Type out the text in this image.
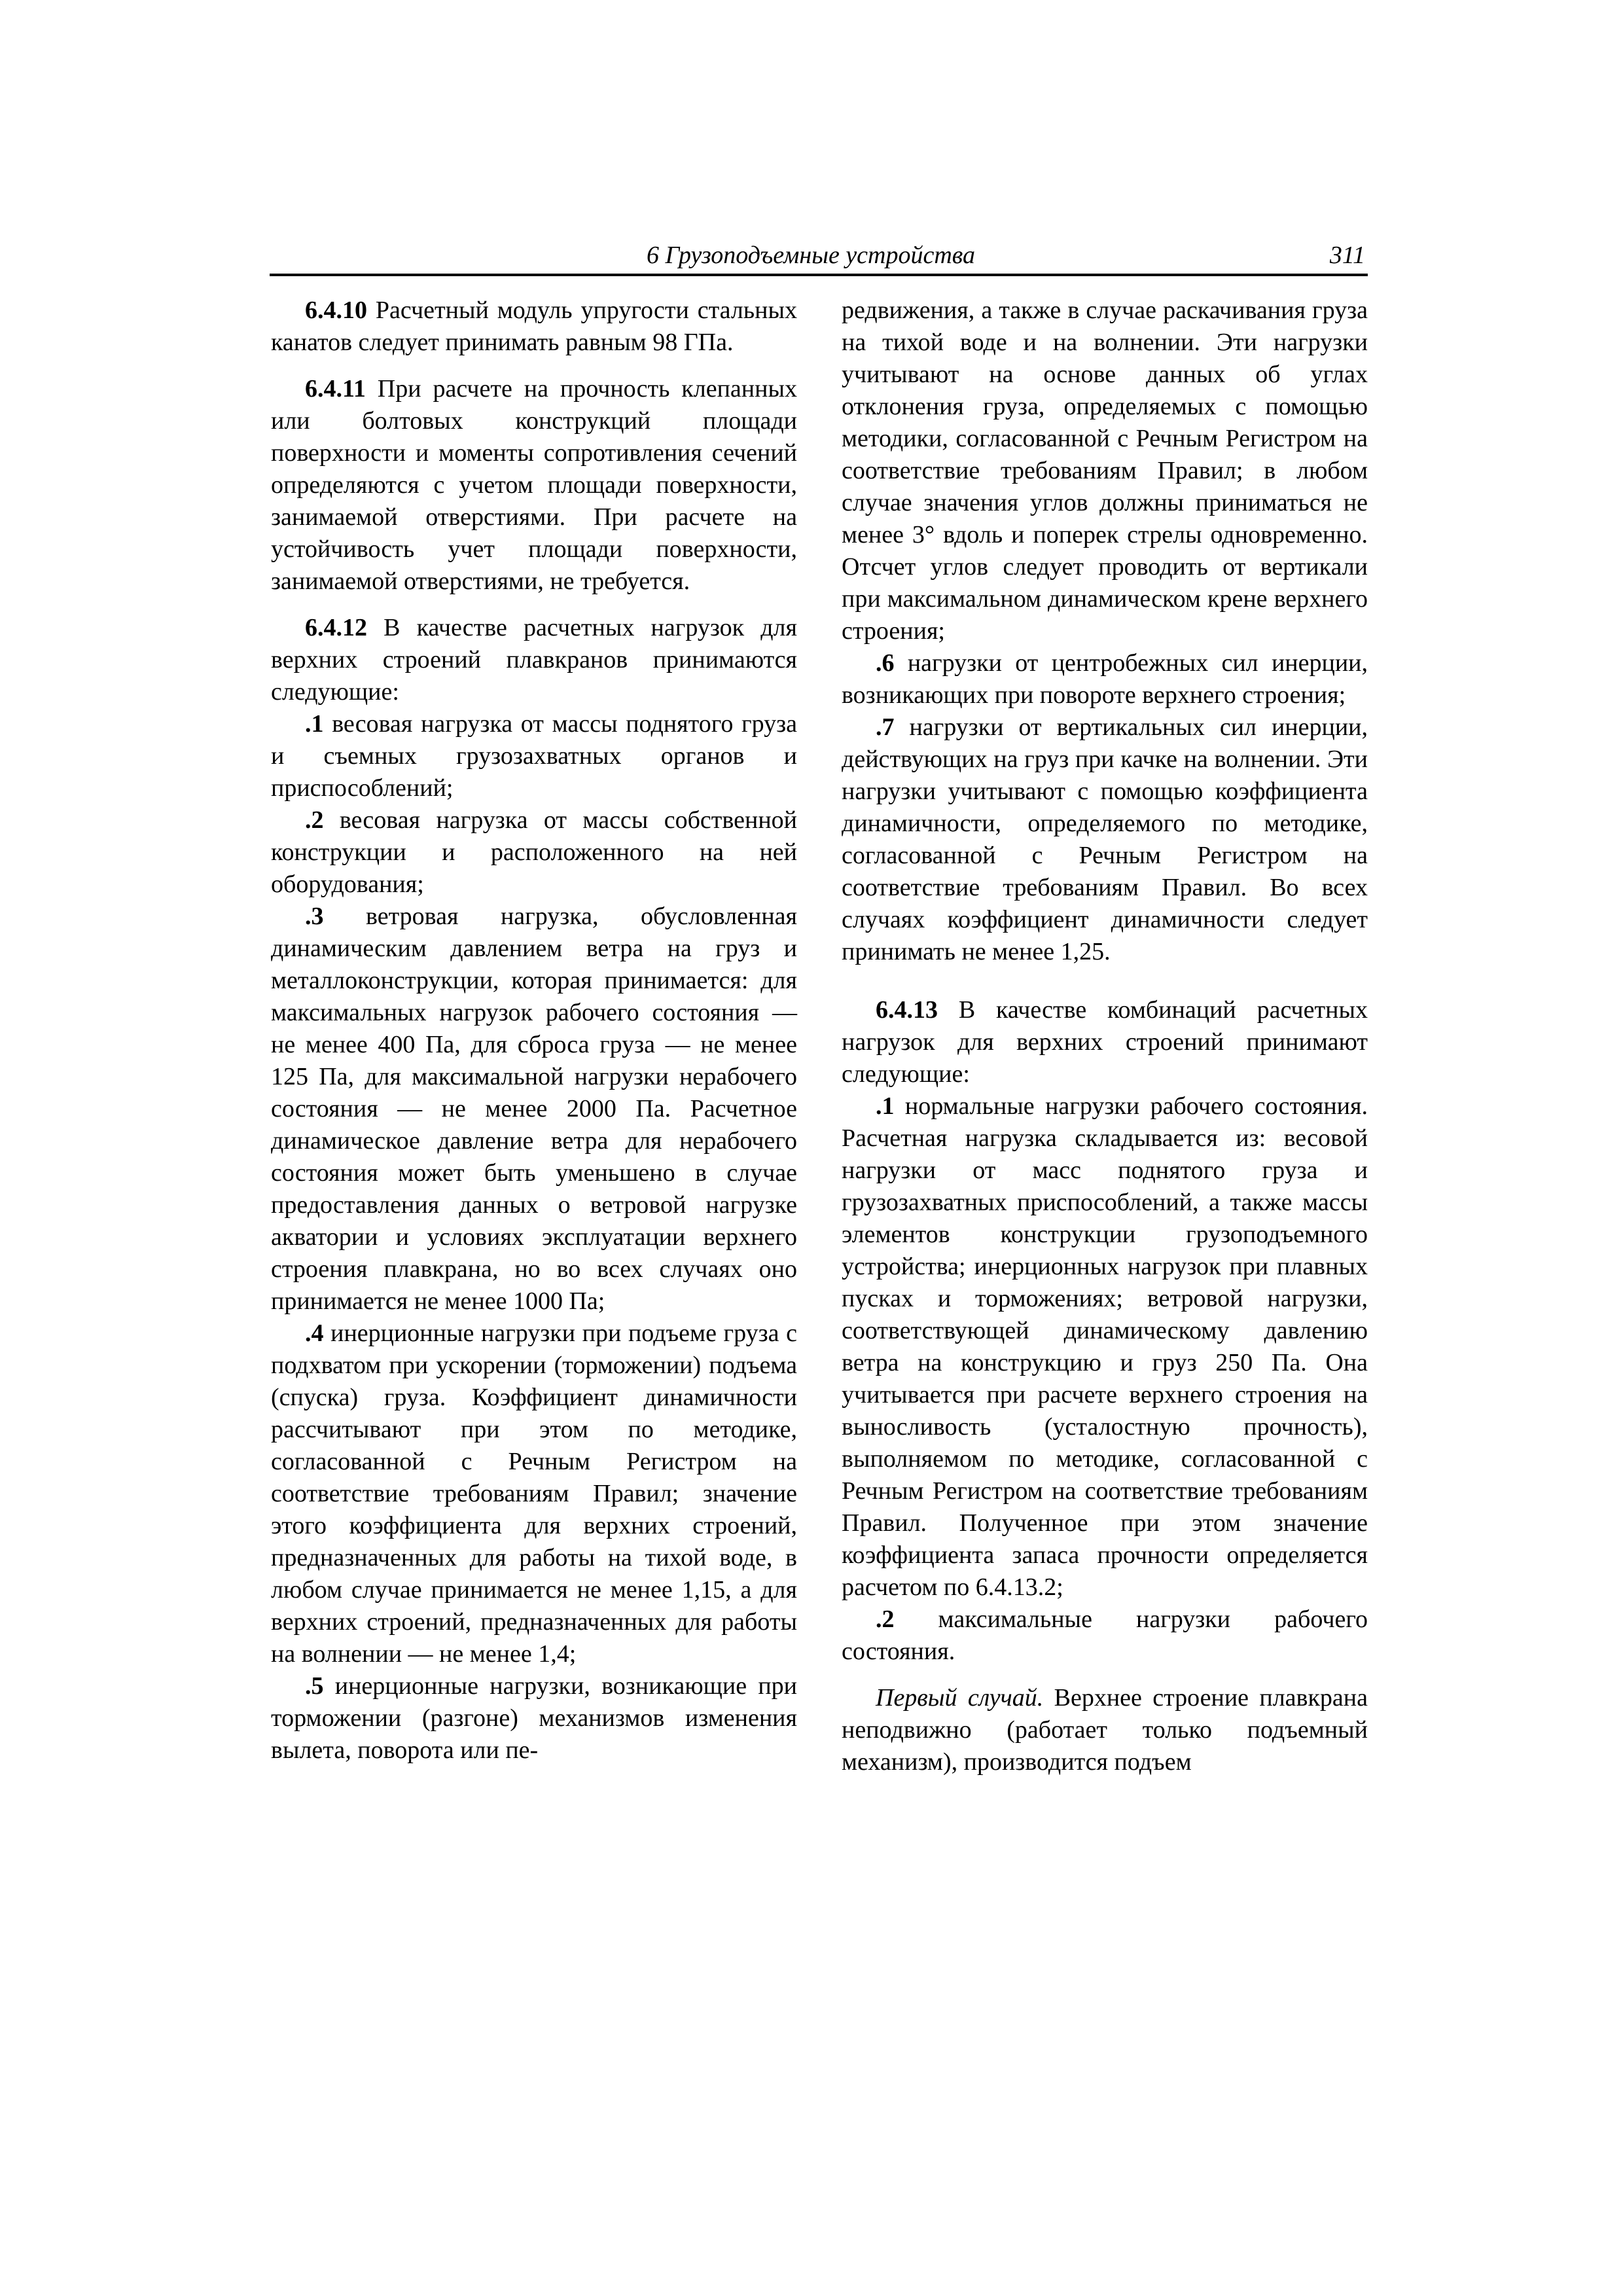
6 Грузоподъемные устройства	311

6.4.10 Расчетный модуль упругости стальных канатов следует принимать равным 98 ГПа.

6.4.11 При расчете на прочность клепанных или болтовых конструкций площади поверхности и моменты сопротивления сечений определяются с учетом площади поверхности, занимаемой отверстиями. При расчете на устойчивость учет площади поверхности, занимаемой отверстиями, не требуется.

6.4.12 В качестве расчетных нагрузок для верхних строений плавкранов принимаются следующие:

.1 весовая нагрузка от массы поднятого груза и съемных грузозахватных органов и приспособлений;

.2 весовая нагрузка от массы собственной конструкции и расположенного на ней оборудования;

.3 ветровая нагрузка, обусловленная динамическим давлением ветра на груз и металлоконструкции, которая принимается: для максимальных нагрузок рабочего состояния — не менее 400 Па, для сброса груза — не менее 125 Па, для максимальной нагрузки нерабочего состояния — не менее 2000 Па. Расчетное динамическое давление ветра для нерабочего состояния может быть уменьшено в случае предоставления данных о ветровой нагрузке акватории и условиях эксплуатации верхнего строения плавкрана, но во всех случаях оно принимается не менее 1000 Па;

.4 инерционные нагрузки при подъеме груза с подхватом при ускорении (торможении) подъема (спуска) груза. Коэффициент динамичности рассчитывают при этом по методике, согласованной с Речным Регистром на соответствие требованиям Правил; значение этого коэффициента для верхних строений, предназначенных для работы на тихой воде, в любом случае принимается не менее 1,15, а для верхних строений, предназначенных для работы на волнении — не менее 1,4;

.5 инерционные нагрузки, возникающие при торможении (разгоне) механизмов изменения вылета, поворота или пе-

редвижения, а также в случае раскачивания груза на тихой воде и на волнении. Эти нагрузки учитывают на основе данных об углах отклонения груза, определяемых с помощью методики, согласованной с Речным Регистром на соответствие требованиям Правил; в любом случае значения углов должны приниматься не менее 3° вдоль и поперек стрелы одновременно. Отсчет углов следует проводить от вертикали при максимальном динамическом крене верхнего строения;

.6 нагрузки от центробежных сил инерции, возникающих при повороте верхнего строения;

.7 нагрузки от вертикальных сил инерции, действующих на груз при качке на волнении. Эти нагрузки учитывают с помощью коэффициента динамичности, определяемого по методике, согласованной с Речным Регистром на соответствие требованиям Правил. Во всех случаях коэффициент динамичности следует принимать не менее 1,25.

6.4.13 В качестве комбинаций расчетных нагрузок для верхних строений принимают следующие:

.1 нормальные нагрузки рабочего состояния. Расчетная нагрузка складывается из: весовой нагрузки от масс поднятого груза и грузозахватных приспособлений, а также массы элементов конструкции грузоподъемного устройства; инерционных нагрузок при плавных пусках и торможениях; ветровой нагрузки, соответствующей динамическому давлению ветра на конструкцию и груз 250 Па. Она учитывается при расчете верхнего строения на выносливость (усталостную прочность), выполняемом по методике, согласованной с Речным Регистром на соответствие требованиям Правил. Полученное при этом значение коэффициента запаса прочности определяется расчетом по 6.4.13.2;

.2 максимальные нагрузки рабочего состояния.

Первый случай. Верхнее строение плавкрана неподвижно (работает только подъемный механизм), производится подъем
